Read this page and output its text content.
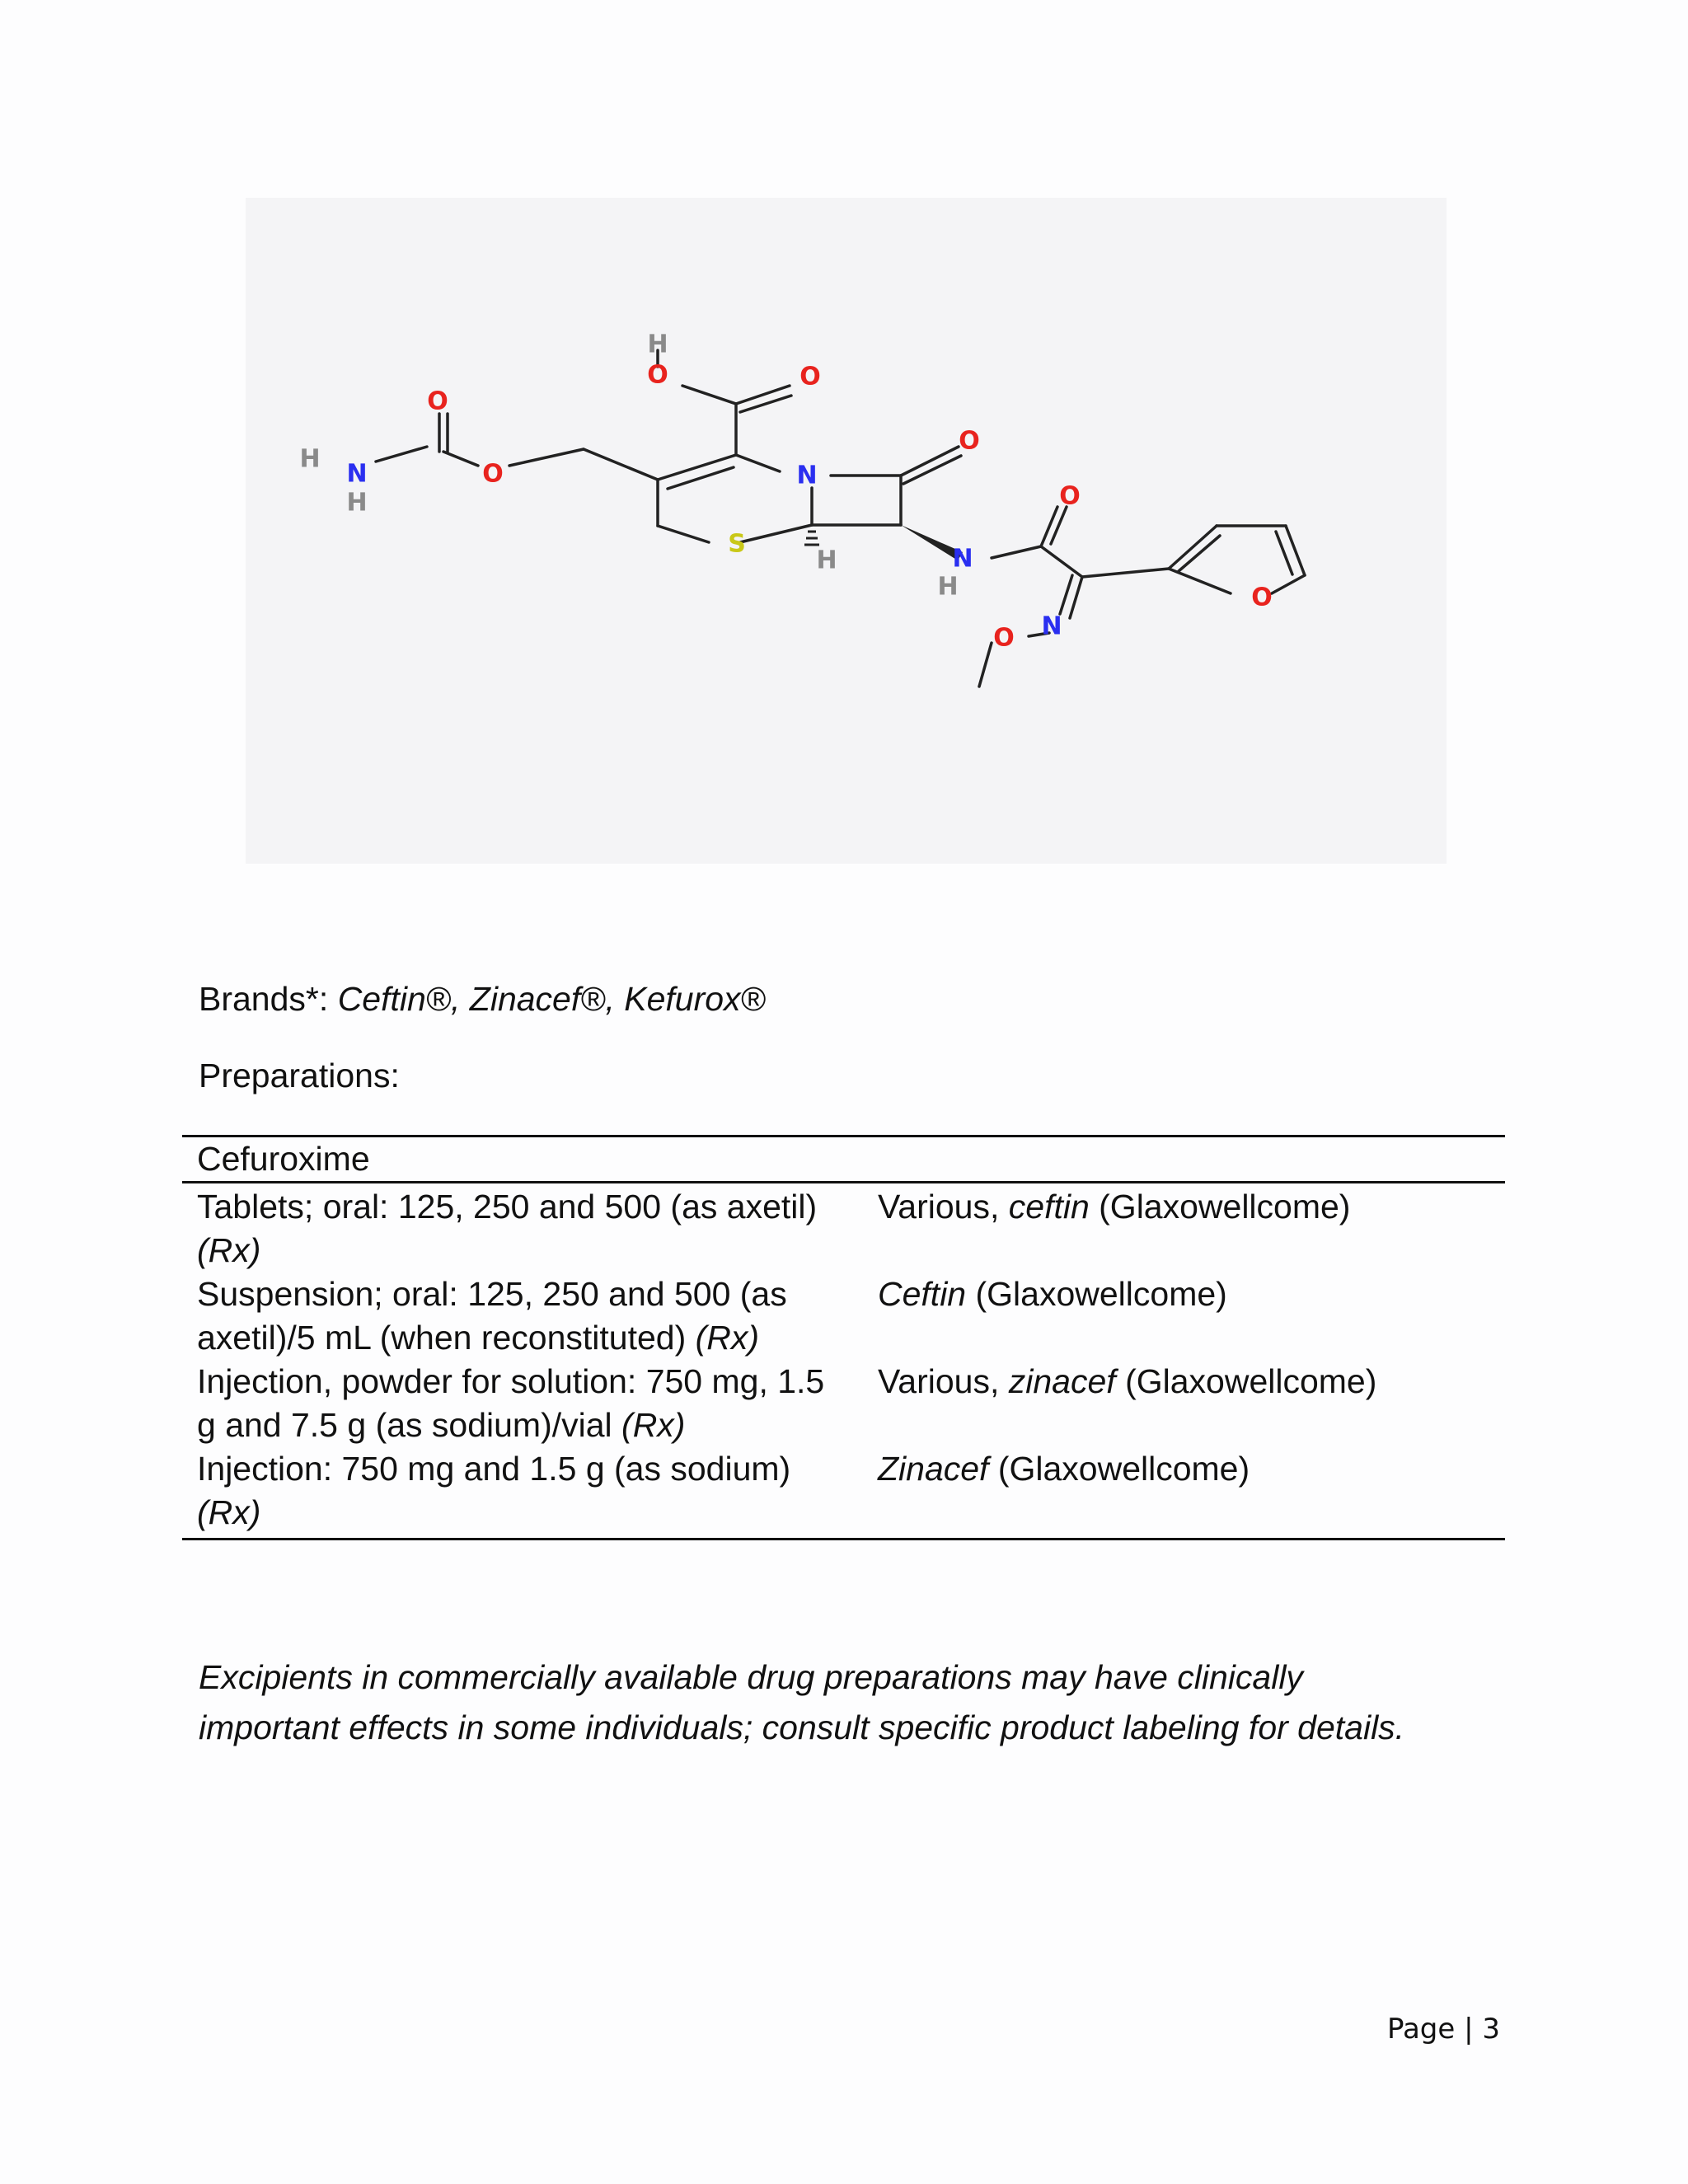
H
O	O
O
H
N
H
O	N
O
S
H	N
H
O
O
O N
Brands*: Ceftin®, Zinacef®, Kefurox®
Preparations:
Cefuroxime	
Tablets; oral: 125, 250 and 500 (as axetil) (Rx)	Various, ceftin (Glaxowellcome)
Suspension; oral: 125, 250 and 500 (as axetil)/5 mL (when reconstituted) (Rx)	Ceftin (Glaxowellcome)
Injection, powder for solution: 750 mg, 1.5 g and 7.5 g (as sodium)/vial (Rx)	Various, zinacef (Glaxowellcome)
Injection: 750 mg and 1.5 g (as sodium) (Rx)	Zinacef (Glaxowellcome)
Excipients in commercially available drug preparations may have clinically important effects in some individuals; consult specific product labeling for details.
Page | 3
